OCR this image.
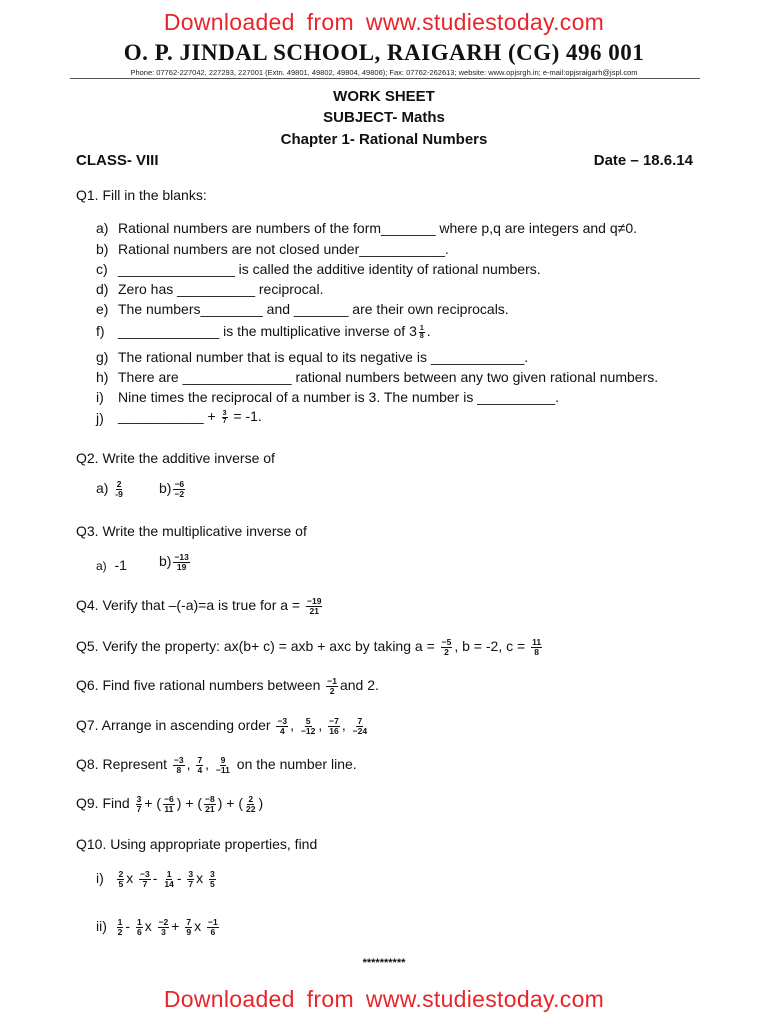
Downloaded from www.studiestoday.com
O. P. JINDAL SCHOOL, RAIGARH (CG) 496 001
Phone: 07762-227042, 227293, 227001 (Extn. 49801, 49802, 49804, 49806); Fax: 07762-262613; website: www.opjsrgh.in; e-mail:opjsraigarh@jspl.com
WORK SHEET
SUBJECT- Maths
Chapter 1- Rational Numbers
CLASS- VIII	Date – 18.6.14
Q1. Fill in the blanks:
a) Rational numbers are numbers of the form_______ where p,q are integers and q≠0.
b) Rational numbers are not closed under___________.
c) _______________ is called the additive identity of rational numbers.
d) Zero has __________ reciprocal.
e) The numbers________ and _______ are their own reciprocals.
f) _____________ is the multiplicative inverse of $3 \frac{1}{8}$ .
g) The rational number that is equal to its negative is ____________.
h) There are ______________ rational numbers between any two given rational numbers.
i) Nine times the reciprocal of a number is 3. The number is __________.
j) ___________ + $\frac{3}{7} = -1$.
Q2. Write the additive inverse of
$a) \frac{2}{-9}$	$b) \frac{-6}{-2}$
Q3. Write the multiplicative inverse of
a) -1 $b) \frac{-13}{19}$
Q4. Verify that –(-a)=a is true for $a = \frac{-19}{21}$
Q5. Verify the property: ax(b+ c) = axb + axc by taking $a = \frac{-5}{2}$ , b = -2, $c = \frac{11}{8}$
Q6. Find five rational numbers between $\frac{-1}{2}$ and 2.
Q7. Arrange in ascending order $\frac{-3}{4}$ , $\frac{5}{-12}$ , $\frac{-7}{16}$ , $\frac{7}{-24}$
Q8. Represent $\frac{-3}{8}$ , $\frac{7}{4}$ , $\frac{9}{-11}$ on the number line.
Q9. Find $\frac{3}{7}$ + ( $\frac{-6}{11}$ ) + ( $\frac{-8}{21}$ ) + ( $\frac{2}{22}$ )
Q10. Using appropriate properties, find
$i) \frac{2}{5}$ x $\frac{-3}{7} - \frac{1}{14} - \frac{3}{7}$ x $\frac{3}{5}$
$ii) \frac{1}{2} - \frac{1}{6}$ x $\frac{-2}{3} + \frac{7}{9}$ x $\frac{-1}{6}$
**********
Downloaded from www.studiestoday.com
